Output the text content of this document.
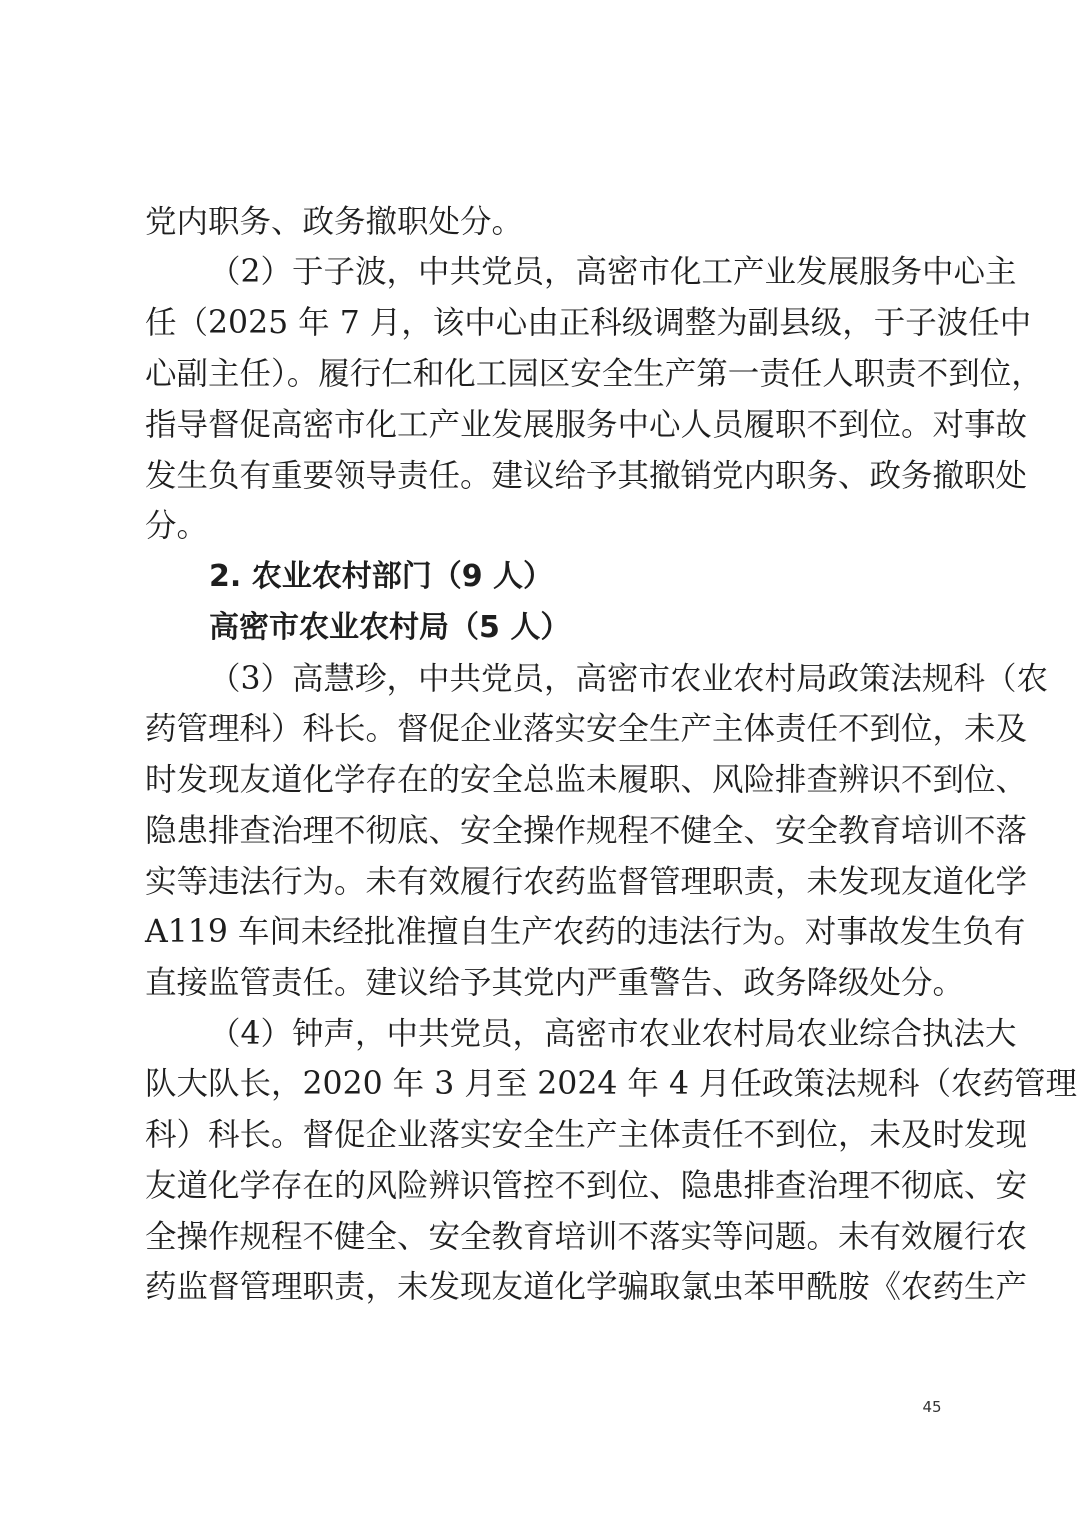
党内职务、政务撤职处分。
（2）于子波，中共党员，高密市化工产业发展服务中心主
任（2025 年 7 月，该中心由正科级调整为副县级，于子波任中
心副主任）。履行仁和化工园区安全生产第一责任人职责不到位，
指导督促高密市化工产业发展服务中心人员履职不到位。对事故
发生负有重要领导责任。建议给予其撤销党内职务、政务撤职处
分。
2. 农业农村部门（9 人）
高密市农业农村局（5 人）
（3）高慧珍，中共党员，高密市农业农村局政策法规科（农
药管理科）科长。督促企业落实安全生产主体责任不到位，未及
时发现友道化学存在的安全总监未履职、风险排查辨识不到位、
隐患排查治理不彻底、安全操作规程不健全、安全教育培训不落
实等违法行为。未有效履行农药监督管理职责，未发现友道化学
A119 车间未经批准擅自生产农药的违法行为。对事故发生负有
直接监管责任。建议给予其党内严重警告、政务降级处分。
（4）钟声，中共党员，高密市农业农村局农业综合执法大
队大队长，2020 年 3 月至 2024 年 4 月任政策法规科（农药管理
科）科长。督促企业落实安全生产主体责任不到位，未及时发现
友道化学存在的风险辨识管控不到位、隐患排查治理不彻底、安
全操作规程不健全、安全教育培训不落实等问题。未有效履行农
药监督管理职责，未发现友道化学骗取氯虫苯甲酰胺《农药生产
45
